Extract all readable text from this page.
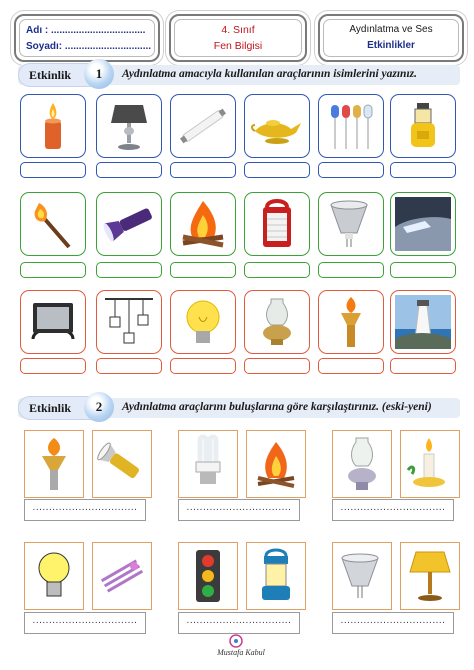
Adı : ..................................
Soyadı: ...............................
4. Sınıf
Fen Bilgisi
Aydınlatma ve Ses
Etkinlikler
Etkinlik	1	Aydınlatma amacıyla kullanılan araçlarının isimlerini yazınız.
Etkinlik	2	Aydınlatma araçlarını buluşlarına göre karşılaştırınız. (eski-yeni)
................................	................................	................................
................................	................................	................................
Mustafa Kabul
